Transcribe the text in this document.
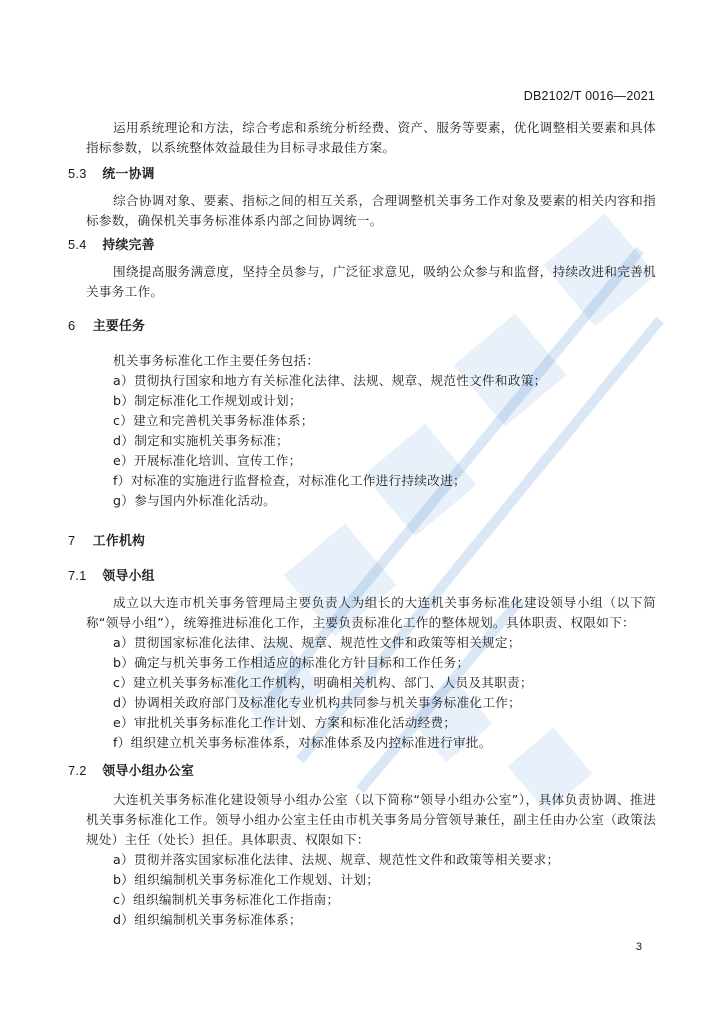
DB2102/T 0016—2021

运用系统理论和方法，综合考虑和系统分析经费、资产、服务等要素，优化调整相关要素和具体指标参数，以系统整体效益最佳为目标寻求最佳方案。

5.3 统一协调

综合协调对象、要素、指标之间的相互关系，合理调整机关事务工作对象及要素的相关内容和指标参数，确保机关事务标准体系内部之间协调统一。

5.4 持续完善

围绕提高服务满意度，坚持全员参与，广泛征求意见，吸纳公众参与和监督，持续改进和完善机关事务工作。

6 主要任务

机关事务标准化工作主要任务包括：

a）贯彻执行国家和地方有关标准化法律、法规、规章、规范性文件和政策；

b）制定标准化工作规划或计划；

c）建立和完善机关事务标准体系；

d）制定和实施机关事务标准；

e）开展标准化培训、宣传工作；

f）对标准的实施进行监督检查，对标准化工作进行持续改进；

g）参与国内外标准化活动。

7 工作机构
7.1 领导小组

成立以大连市机关事务管理局主要负责人为组长的大连机关事务标准化建设领导小组（以下简称“领导小组”），统筹推进标准化工作，主要负责标准化工作的整体规划。具体职责、权限如下：

a）贯彻国家标准化法律、法规、规章、规范性文件和政策等相关规定；

b）确定与机关事务工作相适应的标准化方针目标和工作任务；

c）建立机关事务标准化工作机构，明确相关机构、部门、人员及其职责；

d）协调相关政府部门及标准化专业机构共同参与机关事务标准化工作；

e）审批机关事务标准化工作计划、方案和标准化活动经费；

f）组织建立机关事务标准体系，对标准体系及内控标准进行审批。

7.2 领导小组办公室

大连机关事务标准化建设领导小组办公室（以下简称“领导小组办公室”），具体负责协调、推进机关事务标准化工作。领导小组办公室主任由市机关事务局分管领导兼任，副主任由办公室（政策法规处）主任（处长）担任。具体职责、权限如下：

a）贯彻并落实国家标准化法律、法规、规章、规范性文件和政策等相关要求；

b）组织编制机关事务标准化工作规划、计划；

c）组织编制机关事务标准化工作指南；

d）组织编制机关事务标准体系；

3
